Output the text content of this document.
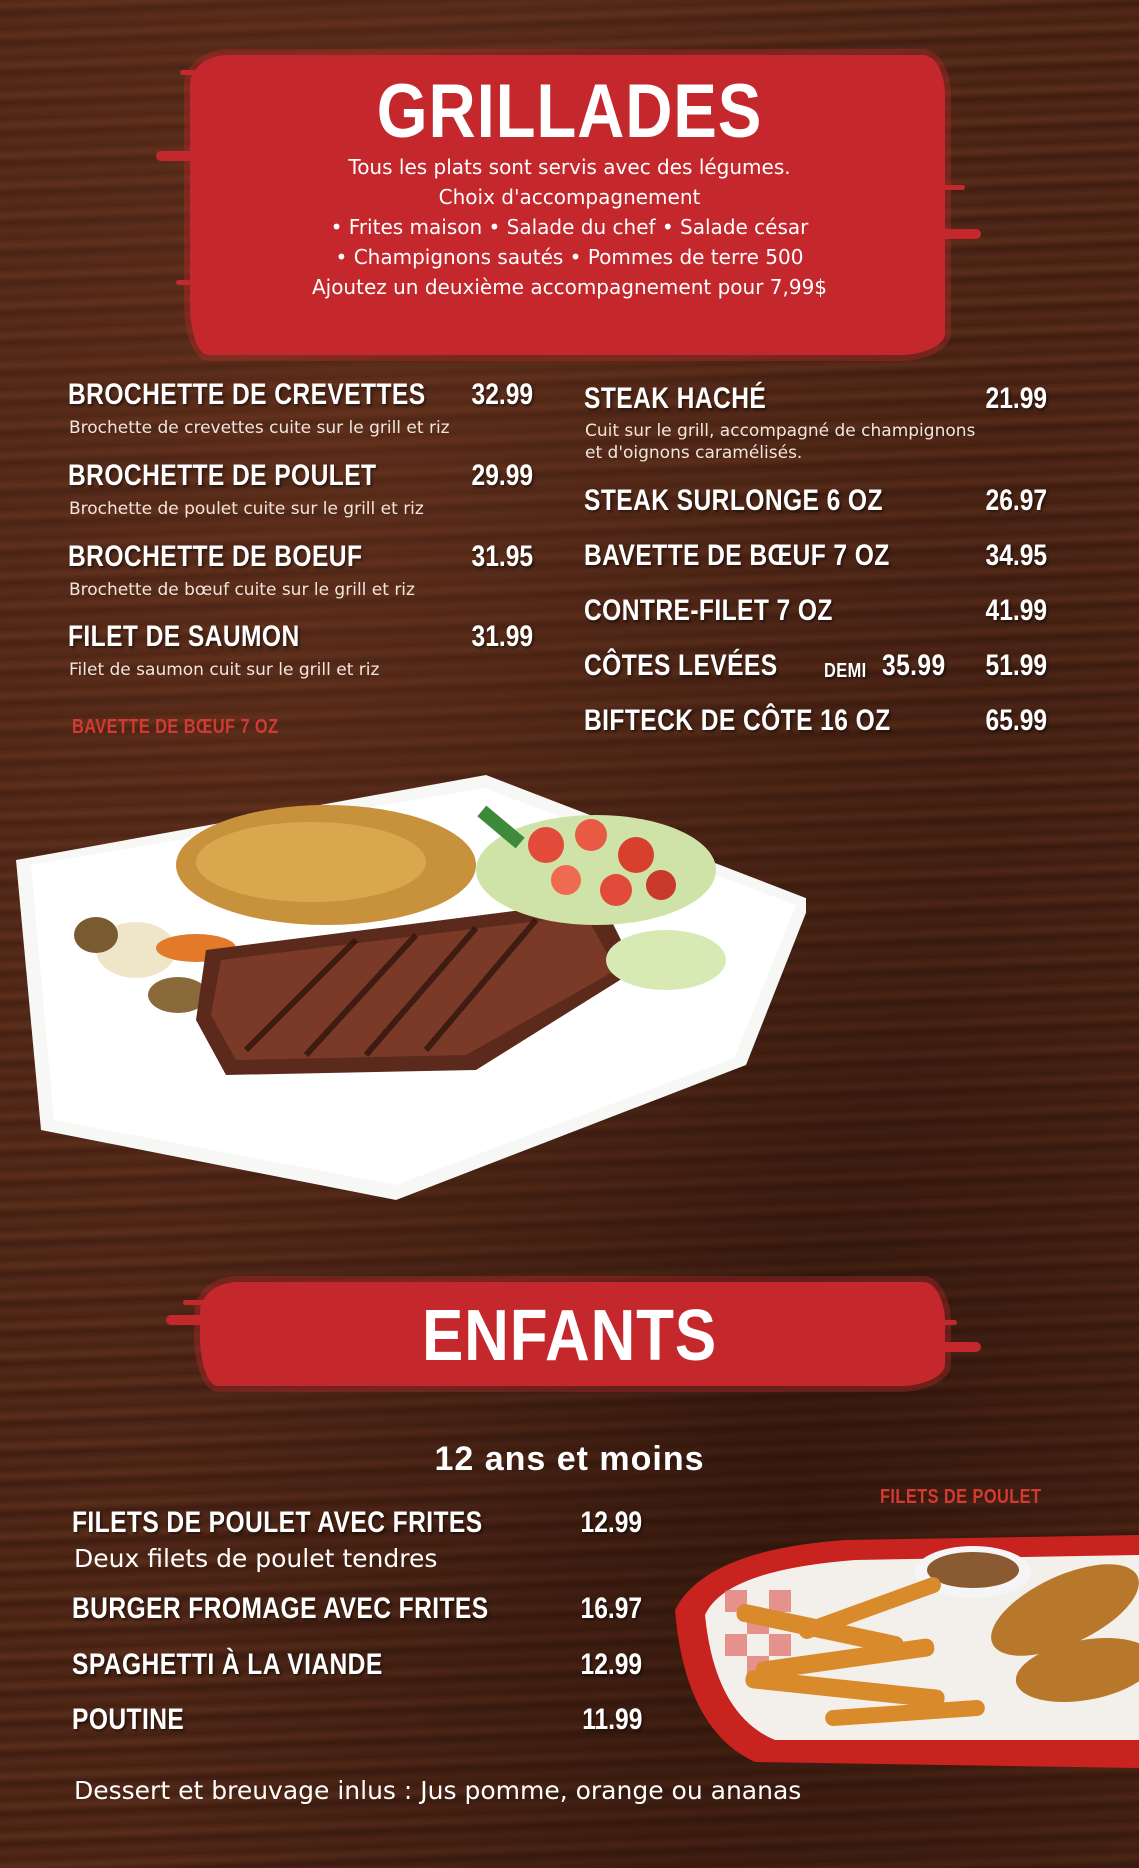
GRILLADES
Tous les plats sont servis avec des légumes.
Choix d'accompagnement
• Frites maison • Salade du chef • Salade césar
• Champignons sautés • Pommes de terre 500
Ajoutez un deuxième accompagnement pour 7,99$
BROCHETTE DE CREVETTES 32.99
Brochette de crevettes cuite sur le grill et riz
BROCHETTE DE POULET	29.99
Brochette de poulet cuite sur le grill et riz
BROCHETTE DE BOEUF	31.95
Brochette de bœuf cuite sur le grill et riz
FILET DE SAUMON	31.99
Filet de saumon cuit sur le grill et riz
BAVETTE DE BŒUF 7 OZ
STEAK HACHÉ	21.99
Cuit sur le grill, accompagné de champignons
et d'oignons caramélisés.
STEAK SURLONGE 6 OZ	26.97
BAVETTE DE BŒUF 7 OZ	34.95
CONTRE-FILET 7 OZ	41.99
CÔTES LEVÉES DEMI 35.99 51.99
BIFTECK DE CÔTE 16 OZ	65.99
ENFANTS
12 ans et moins
FILETS DE POULET
FILETS DE POULET AVEC FRITES	12.99
Deux filets de poulet tendres
BURGER FROMAGE AVEC FRITES	16.97
SPAGHETTI À LA VIANDE	12.99
POUTINE	11.99
Dessert et breuvage inlus : Jus pomme, orange ou ananas
